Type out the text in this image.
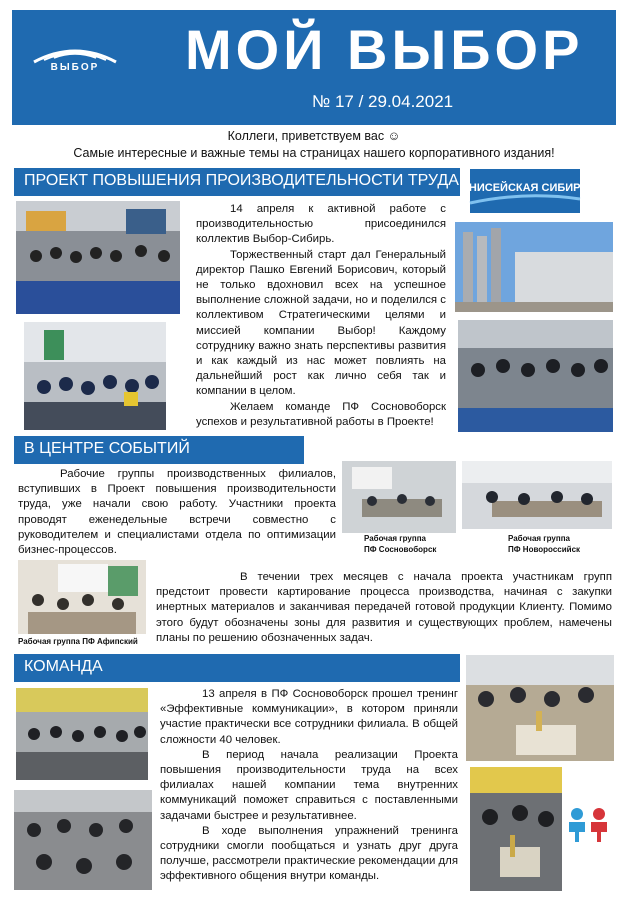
ВЫБОР	МОЙ ВЫБОР
№ 17 / 29.04.2021
Коллеги, приветствуем вас ☺
Самые интересные и важные темы на страницах нашего корпоративного издания!
ПРОЕКТ ПОВЫШЕНИЯ ПРОИЗВОДИТЕЛЬНОСТИ ТРУДА ЕНИСЕЙСКАЯ СИБИРЬ

14 апреля к активной работе с производительностью присоединился коллектив Выбор-Сибирь.

Торжественный старт дал Генеральный директор Пашко Евгений Борисович, который не только вдохновил всех на успешное выполнение сложной задачи, но и поделился с коллективом Стратегическими целями и миссией компании Выбор! Каждому сотруднику важно знать перспективы развития и как каждый из нас может повлиять на дальнейший рост как лично себя так и компании в целом.

Желаем команде ПФ Сосновоборск успехов и результативной работы в Проекте!

В ЦЕНТРЕ СОБЫТИЙ

Рабочие группы производственных филиалов, вступивших в Проект повышения производительности труда, уже начали свою работу. Участники проекта проводят еженедельные встречи совместно с руководителем и специалистами отдела по оптимизации бизнес-процессов.

Рабочая группа
ПФ Сосновоборск
Рабочая группа
ПФ Новороссийск
Рабочая группа ПФ Афипский

В течении трех месяцев с начала проекта участникам групп предстоит провести картирование процесса производства, начиная с закупки инертных материалов и заканчивая передачей готовой продукции Клиенту. Помимо этого будут обозначены зоны для развития и существующих проблем, намечены планы по решению обозначенных задач.

КОМАНДА

13 апреля в ПФ Сосновоборск прошел тренинг «Эффективные коммуникации», в котором приняли участие практически все сотрудники филиала. В общей сложности 40 человек.

В период начала реализации Проекта повышения производительности труда на всех филиалах нашей компании тема внутренних коммуникаций поможет справиться с поставленными задачами быстрее и результативнее.

В ходе выполнения упражнений тренинга сотрудники смогли пообщаться и узнать друг друга получше, рассмотрели практические рекомендации для эффективного общения внутри команды.
